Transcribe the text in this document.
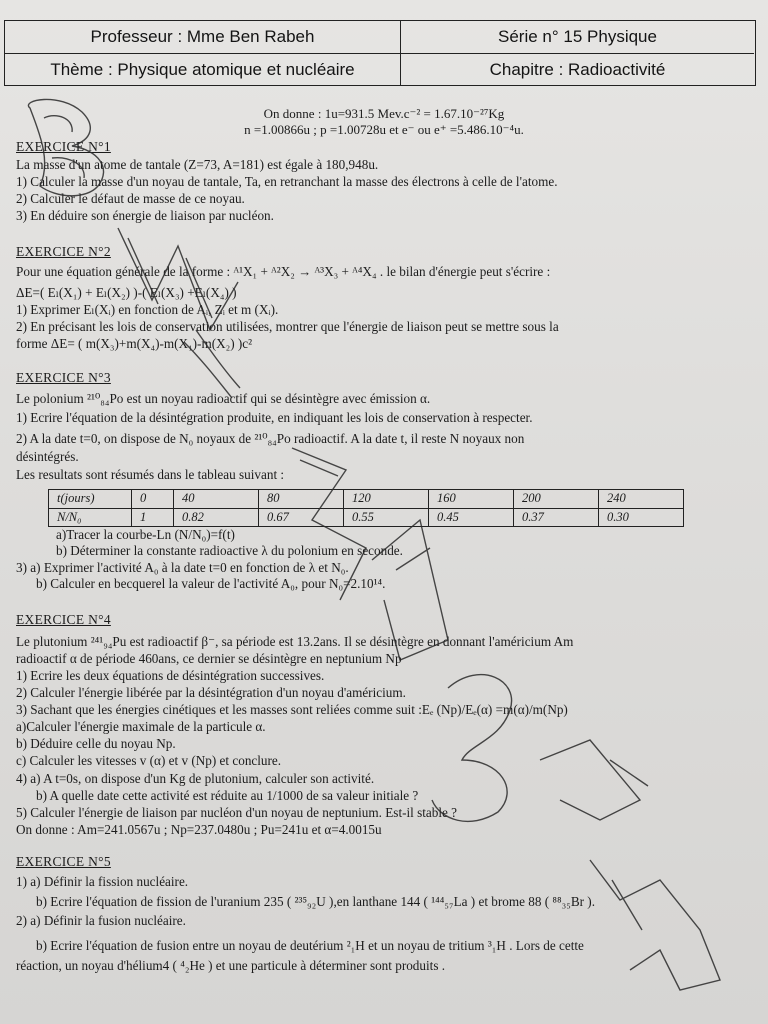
Professeur : Mme Ben Rabeh	Série n° 15 Physique
Thème : Physique atomique et nucléaire	Chapitre : Radioactivité
On donne : 1u=931.5 Mev.c⁻² = 1.67.10⁻²⁷Kg
n =1.00866u ; p =1.00728u et e⁻ ou e⁺ =5.486.10⁻⁴u.
EXERCICE N°1
La masse d'un atome de tantale (Z=73, A=181) est égale à 180,948u.
1) Calculer la masse d'un noyau de tantale, Ta, en retranchant la masse des électrons à celle de l'atome.
2) Calculer le défaut de masse de ce noyau.
3) En déduire son énergie de liaison par nucléon.
EXERCICE N°2
Pour une équation générale de la forme : ᴬ¹X₁ + ᴬ²X₂ → ᴬ³X₃ + ᴬ⁴X₄ . le bilan d'énergie peut s'écrire :
ΔE=( Eₗ(X₁) + Eₗ(X₂) )-( Eₗ(X₃) +Eₗ(X₄) )
1) Exprimer Eₗ(Xᵢ) en fonction de Aᵢ, Zᵢ et m (Xᵢ).
2) En précisant les lois de conservation utilisées, montrer que l'énergie de liaison peut se mettre sous la
forme ΔE= ( m(X₃)+m(X₄)-m(X₁)-m(X₂) )c²
EXERCICE N°3
Le polonium ²¹⁰₈₄Po est un noyau radioactif qui se désintègre avec émission α.
1) Ecrire l'équation de la désintégration produite, en indiquant les lois de conservation à respecter.
2) A la date t=0, on dispose de N₀ noyaux de ²¹⁰₈₄Po radioactif. A la date t, il reste N noyaux non
désintégrés.
Les resultats sont résumés dans le tableau suivant :
t(jours)	0	40	80	120	160	200	240
N/N₀	1	0.82	0.67	0.55	0.45	0.37	0.30
a)Tracer la courbe-Ln (N/N₀)=f(t)
b) Déterminer la constante radioactive λ du polonium en seconde.
3) a) Exprimer l'activité A₀ à la date t=0 en fonction de λ et N₀.
b) Calculer en becquerel la valeur de l'activité A₀, pour N₀=2.10¹⁴.
EXERCICE N°4
Le plutonium ²⁴¹₉₄Pu est radioactif β⁻, sa période est 13.2ans. Il se désintègre en donnant l'américium Am
radioactif α de période 460ans, ce dernier se désintègre en neptunium Np
1) Ecrire les deux équations de désintégration successives.
2) Calculer l'énergie libérée par la désintégration d'un noyau d'américium.
3) Sachant que les énergies cinétiques et les masses sont reliées comme suit :Eₑ (Np)/Eₑ(α) =m(α)/m(Np)
a)Calculer l'énergie maximale de la particule α.
b) Déduire celle du noyau Np.
c) Calculer les vitesses v (α) et v (Np) et conclure.
4) a) A t=0s, on dispose d'un Kg de plutonium, calculer son activité.
b) A quelle date cette activité est réduite au 1/1000 de sa valeur initiale ?
5) Calculer l'énergie de liaison par nucléon d'un noyau de neptunium. Est-il stable ?
On donne : Am=241.0567u ; Np=237.0480u ; Pu=241u et α=4.0015u
EXERCICE N°5
1) a) Définir la fission nucléaire.
b) Ecrire l'équation de fission de l'uranium 235 ( ²³⁵₉₂U ),en lanthane 144 ( ¹⁴⁴₅₇La ) et brome 88 ( ⁸⁸₃₅Br ).
2) a) Définir la fusion nucléaire.
b) Ecrire l'équation de fusion entre un noyau de deutérium ²₁H et un noyau de tritium ³₁H . Lors de cette
réaction, un noyau d'hélium4 ( ⁴₂He ) et une particule à déterminer sont produits .
